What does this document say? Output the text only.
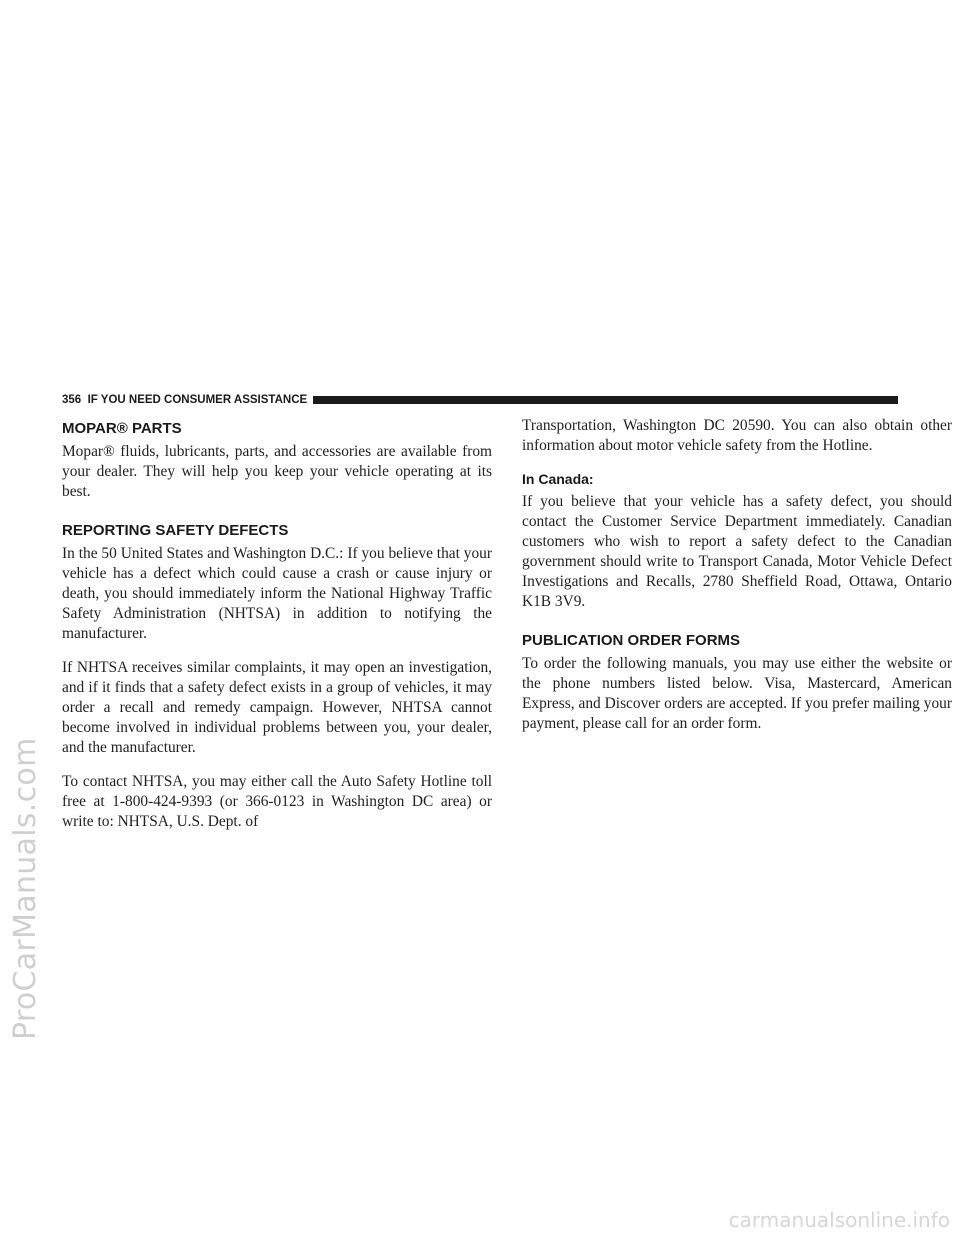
ProCarManuals.com
356 IF YOU NEED CONSUMER ASSISTANCE
MOPAR® PARTS

Mopar® fluids, lubricants, parts, and accessories are available from your dealer. They will help you keep your vehicle operating at its best.

REPORTING SAFETY DEFECTS

In the 50 United States and Washington D.C.: If you believe that your vehicle has a defect which could cause a crash or cause injury or death, you should immediately inform the National Highway Traffic Safety Administration (NHTSA) in addition to notifying the manufacturer.

If NHTSA receives similar complaints, it may open an investigation, and if it finds that a safety defect exists in a group of vehicles, it may order a recall and remedy campaign. However, NHTSA cannot become involved in individual problems between you, your dealer, and the manufacturer.

To contact NHTSA, you may either call the Auto Safety Hotline toll free at 1-800-424-9393 (or 366-0123 in Washington DC area) or write to: NHTSA, U.S. Dept. of

Transportation, Washington DC 20590. You can also obtain other information about motor vehicle safety from the Hotline.

In Canada:

If you believe that your vehicle has a safety defect, you should contact the Customer Service Department immediately. Canadian customers who wish to report a safety defect to the Canadian government should write to Transport Canada, Motor Vehicle Defect Investigations and Recalls, 2780 Sheffield Road, Ottawa, Ontario K1B 3V9.

PUBLICATION ORDER FORMS

To order the following manuals, you may use either the website or the phone numbers listed below. Visa, Mastercard, American Express, and Discover orders are accepted. If you prefer mailing your payment, please call for an order form.

carmanualsonline.info
